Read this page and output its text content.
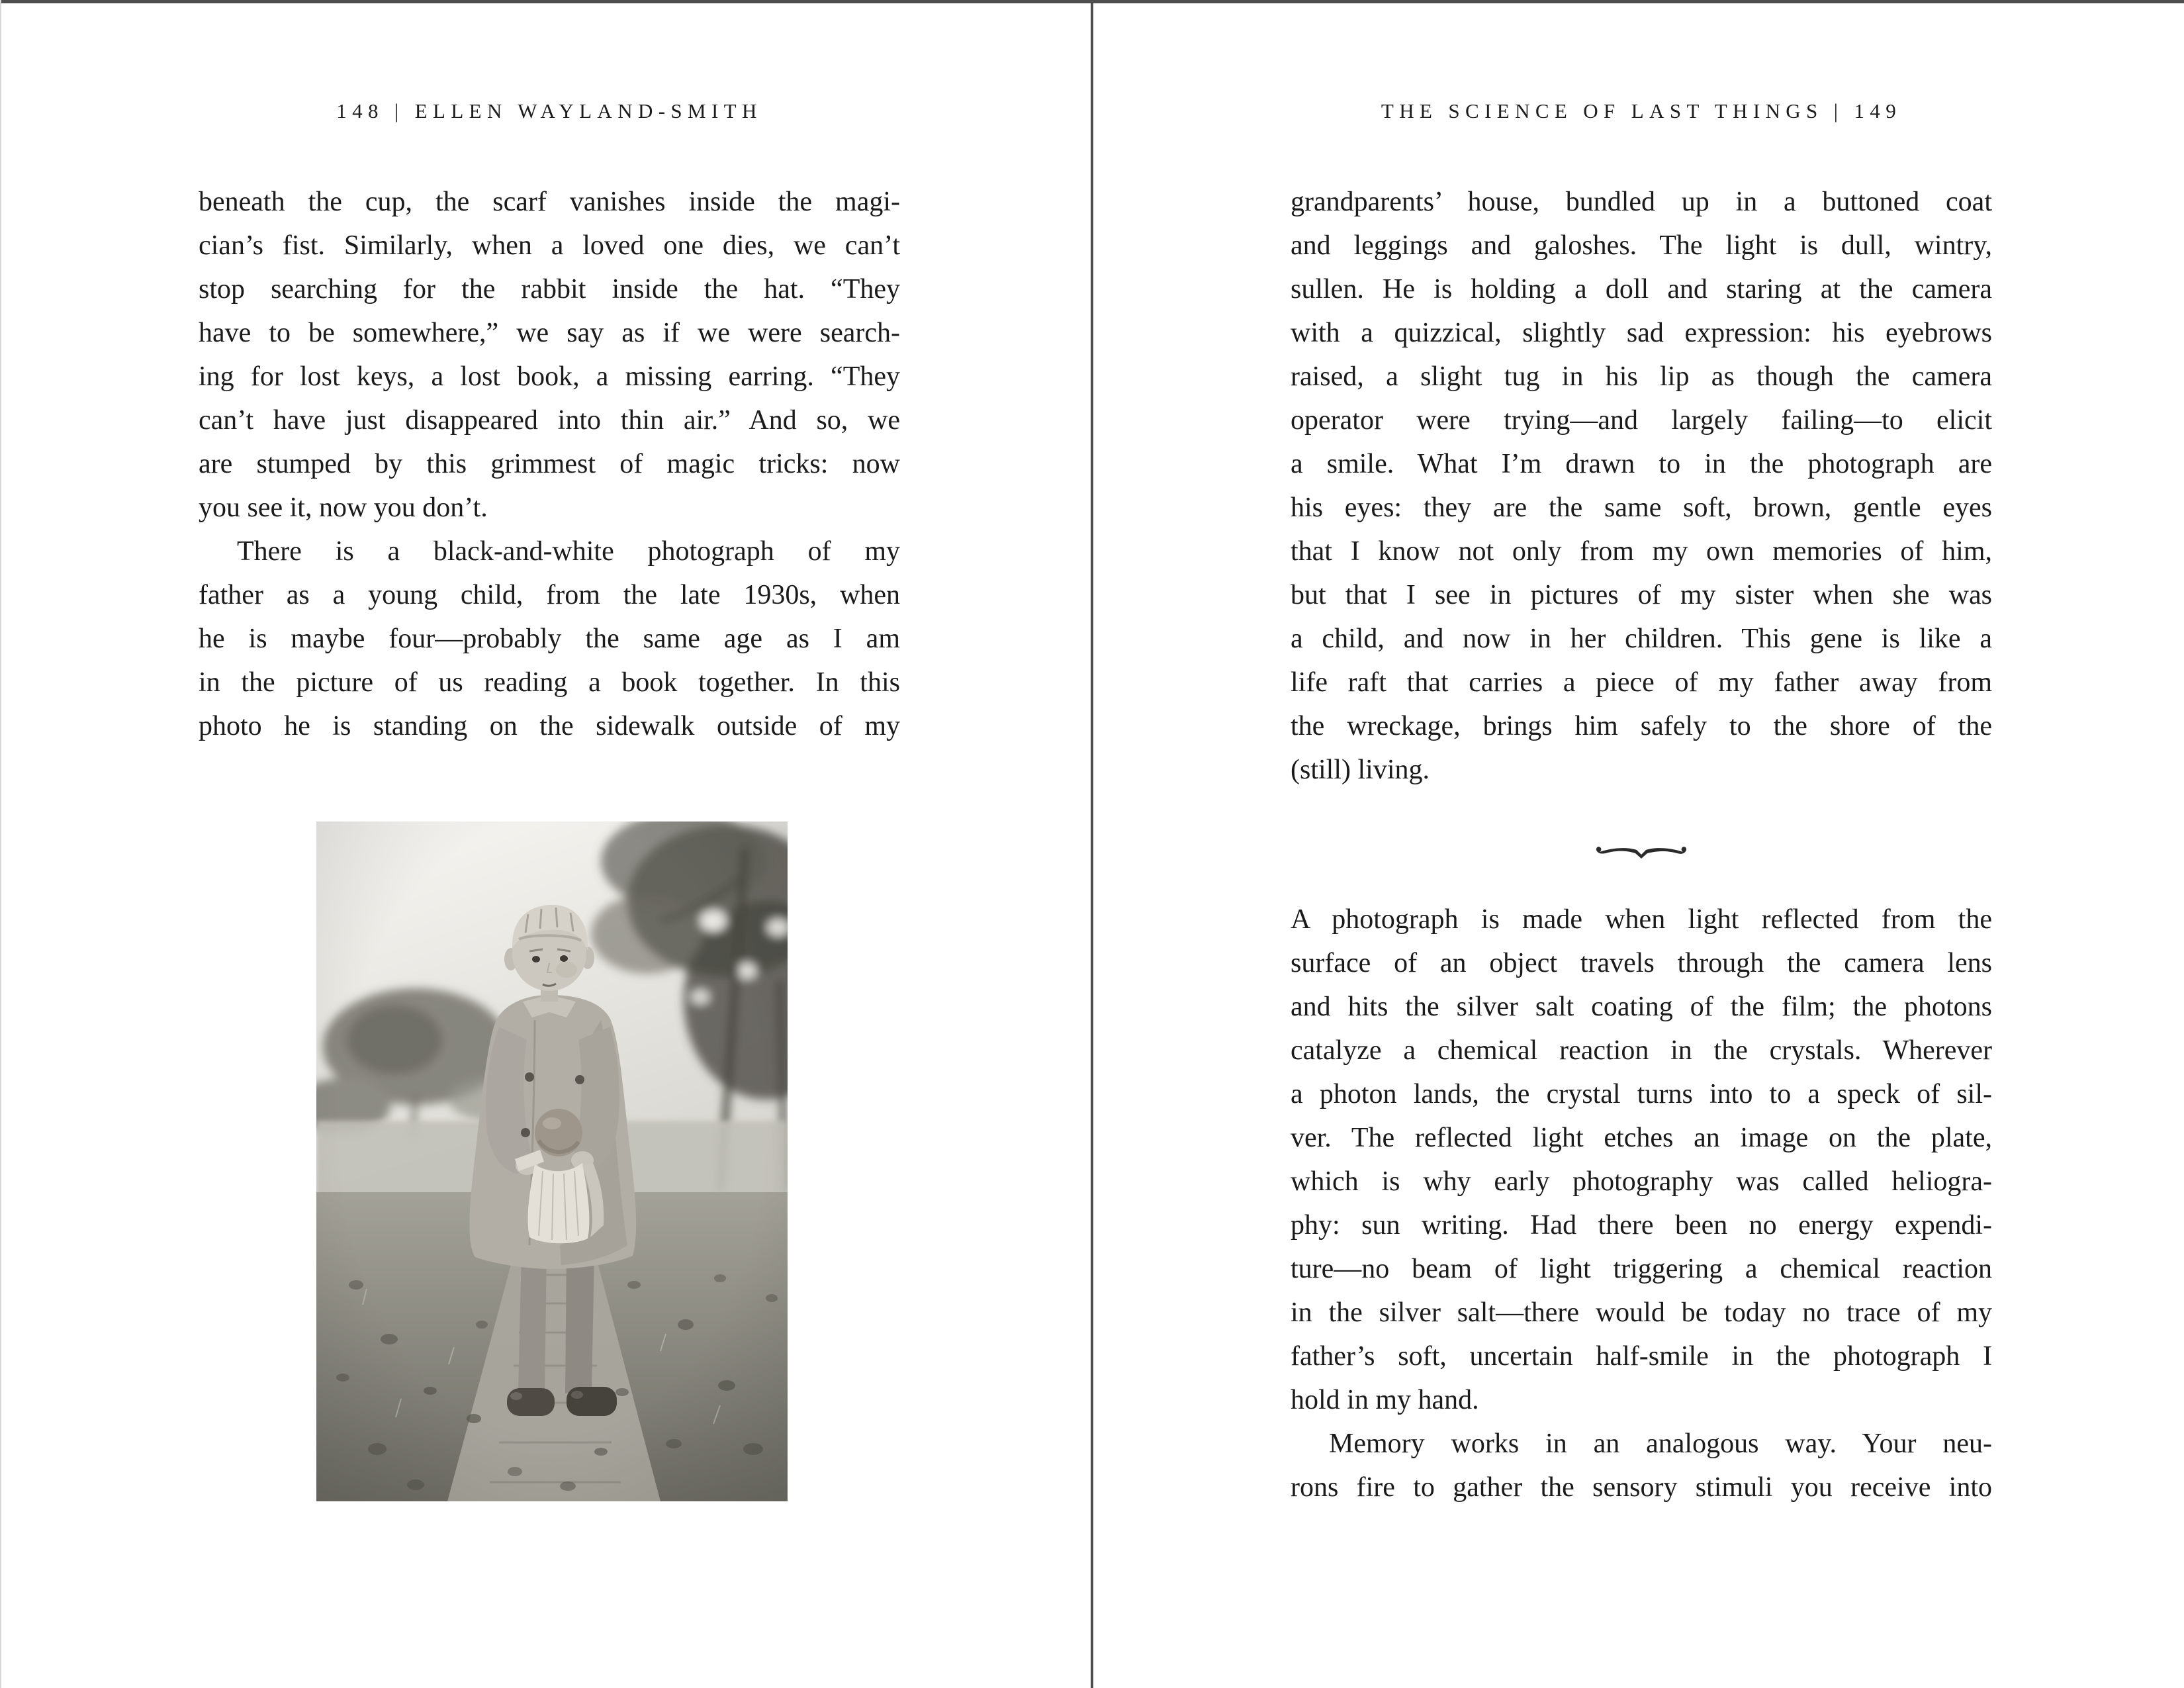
148 | ELLEN WAYLAND-SMITH
beneath the cup, the scarf vanishes inside the magi-
cian’s fist. Similarly, when a loved one dies, we can’t
stop searching for the rabbit inside the hat. “They
have to be somewhere,” we say as if we were search-
ing for lost keys, a lost book, a missing earring. “They
can’t have just disappeared into thin air.” And so, we
are stumped by this grimmest of magic tricks: now
you see it, now you don’t.
There is a black-and-white photograph of my
father as a young child, from the late 1930s, when
he is maybe four—probably the same age as I am
in the picture of us reading a book together. In this
photo he is standing on the sidewalk outside of my
THE SCIENCE OF LAST THINGS | 149
grandparents’ house, bundled up in a buttoned coat
and leggings and galoshes. The light is dull, wintry,
sullen. He is holding a doll and staring at the camera
with a quizzical, slightly sad expression: his eyebrows
raised, a slight tug in his lip as though the camera
operator were trying—and largely failing—to elicit
a smile. What I’m drawn to in the photograph are
his eyes: they are the same soft, brown, gentle eyes
that I know not only from my own memories of him,
but that I see in pictures of my sister when she was
a child, and now in her children. This gene is like a
life raft that carries a piece of my father away from
the wreckage, brings him safely to the shore of the
(still) living.
A photograph is made when light reflected from the
surface of an object travels through the camera lens
and hits the silver salt coating of the film; the photons
catalyze a chemical reaction in the crystals. Wherever
a photon lands, the crystal turns into to a speck of sil-
ver. The reflected light etches an image on the plate,
which is why early photography was called heliogra-
phy: sun writing. Had there been no energy expendi-
ture—no beam of light triggering a chemical reaction
in the silver salt—there would be today no trace of my
father’s soft, uncertain half-smile in the photograph I
hold in my hand.
Memory works in an analogous way. Your neu-
rons fire to gather the sensory stimuli you receive into
